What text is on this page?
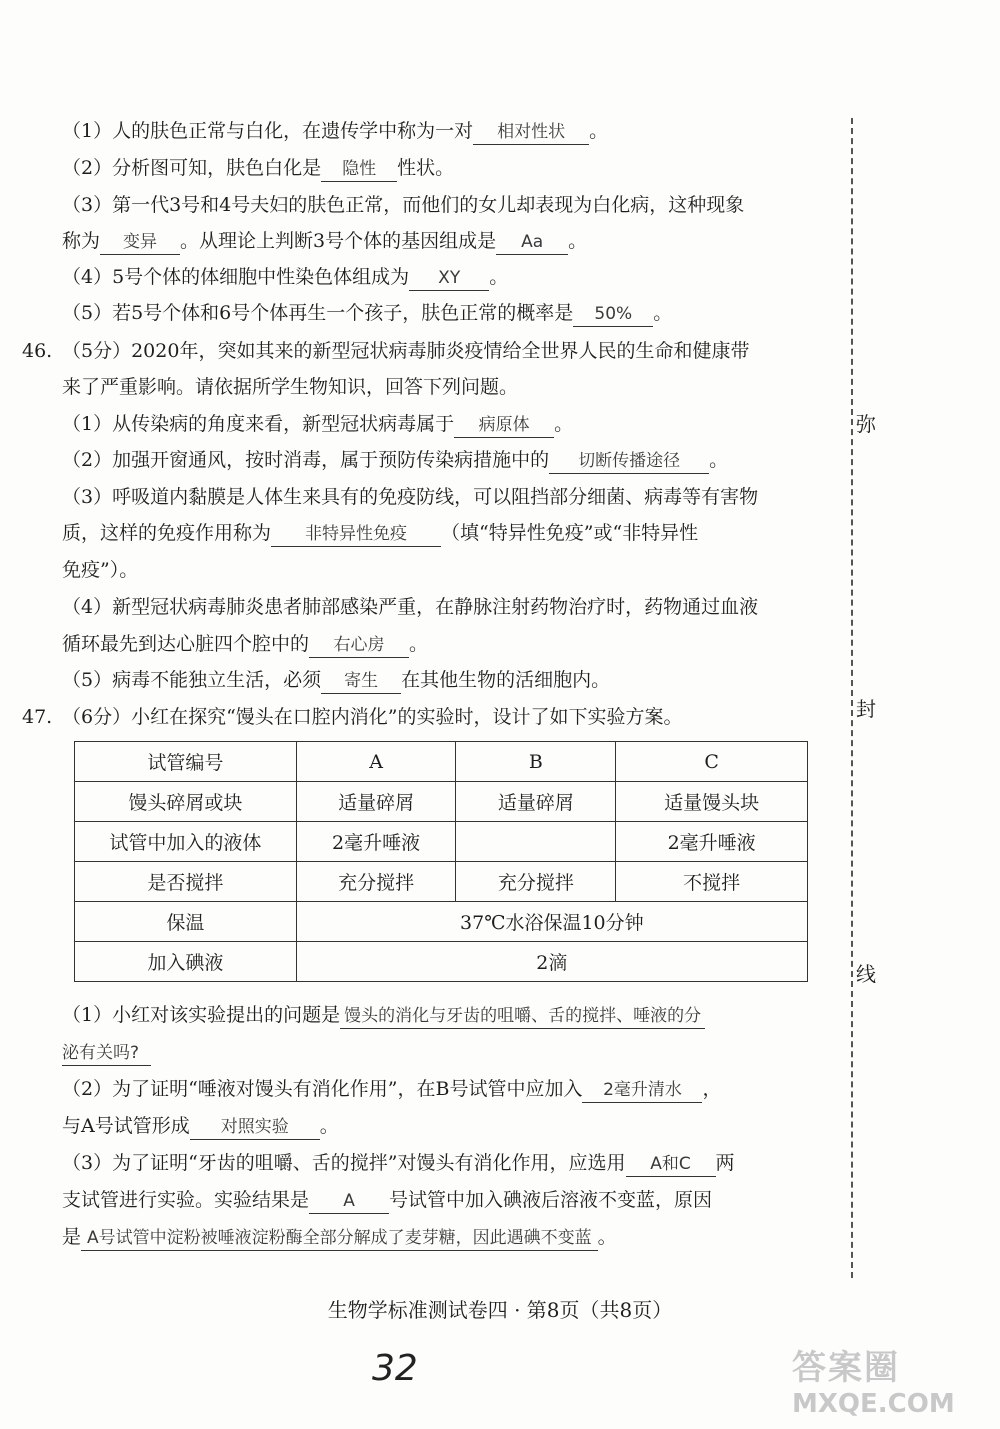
（1）人的肤色正常与白化，在遗传学中称为一对 相对性状 。
（2）分析图可知，肤色白化是 隐性 性状。
（3）第一代3号和4号夫妇的肤色正常，而他们的女儿却表现为白化病，这种现象
称为 变异 。从理论上判断3号个体的基因组成是 Aa 。
（4）5号个体的体细胞中性染色体组成为 XY 。
（5）若5号个体和6号个体再生一个孩子，肤色正常的概率是 50% 。
46. （5分）2020年，突如其来的新型冠状病毒肺炎疫情给全世界人民的生命和健康带
来了严重影响。请依据所学生物知识，回答下列问题。
（1）从传染病的角度来看，新型冠状病毒属于 病原体 。
（2）加强开窗通风，按时消毒，属于预防传染病措施中的 切断传播途径 。
（3）呼吸道内黏膜是人体生来具有的免疫防线，可以阻挡部分细菌、病毒等有害物
质，这样的免疫作用称为 非特异性免疫 （填“特异性免疫”或“非特异性
免疫”）。
（4）新型冠状病毒肺炎患者肺部感染严重，在静脉注射药物治疗时，药物通过血液
循环最先到达心脏四个腔中的 右心房 。
（5）病毒不能独立生活，必须 寄生 在其他生物的活细胞内。
47. （6分）小红在探究“馒头在口腔内消化”的实验时，设计了如下实验方案。
试管编号	A	B	C
馒头碎屑或块	适量碎屑	适量碎屑	适量馒头块
试管中加入的液体	2毫升唾液		2毫升唾液
是否搅拌	充分搅拌	充分搅拌	不搅拌
保温	37℃水浴保温10分钟		
加入碘液	2滴		
（1）小红对该实验提出的问题是 馒头的消化与牙齿的咀嚼、舌的搅拌、唾液的分
泌有关吗?
（2）为了证明“唾液对馒头有消化作用”，在B号试管中应加入 2毫升清水 ，
与A号试管形成 对照实验 。
（3）为了证明“牙齿的咀嚼、舌的搅拌”对馒头有消化作用，应选用 A和C 两
支试管进行实验。实验结果是 A 号试管中加入碘液后溶液不变蓝，原因
是 A号试管中淀粉被唾液淀粉酶全部分解成了麦芽糖，因此遇碘不变蓝 。
弥
封
线
生物学标准测试卷四 · 第8页（共8页）
32	答案圈
MXQE.COM
